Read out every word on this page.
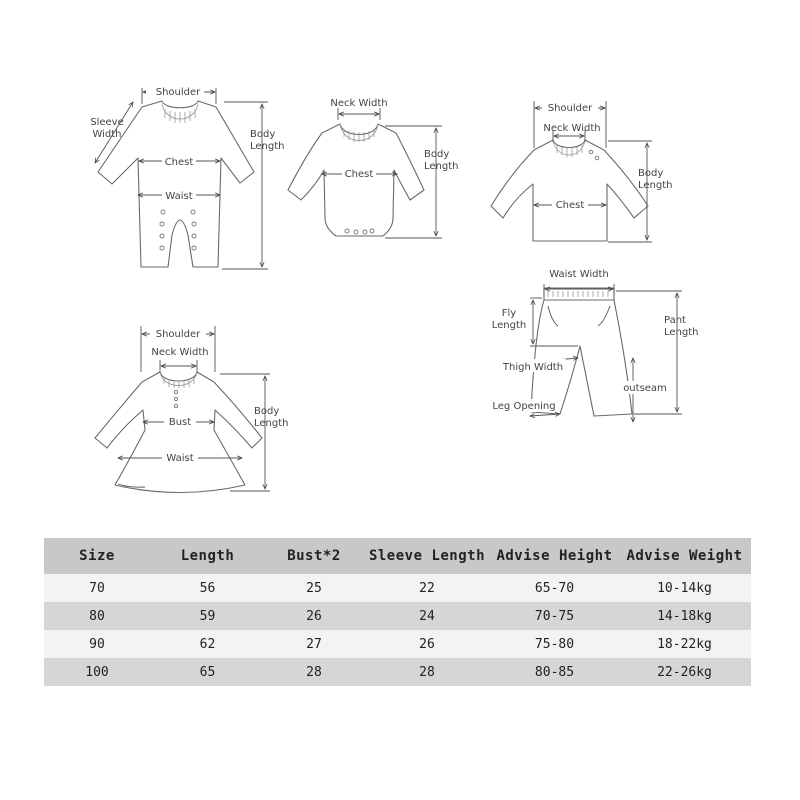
Shoulder
Sleeve
Width
Chest
Waist
Body
Length
Neck Width
Chest
Body
Length
Shoulder
Neck Width
Chest
Body
Length
Shoulder
Neck Width
Bust
Waist
Body
Length
Waist Width
Fly
Length	Pant
Length
Thigh Width
outseam
Leg Opening
Size	Length	Bust*2	Sleeve Length	Advise Height	Advise Weight
70	56	25	22	65-70	10-14kg
80	59	26	24	70-75	14-18kg
90	62	27	26	75-80	18-22kg
100	65	28	28	80-85	22-26kg
